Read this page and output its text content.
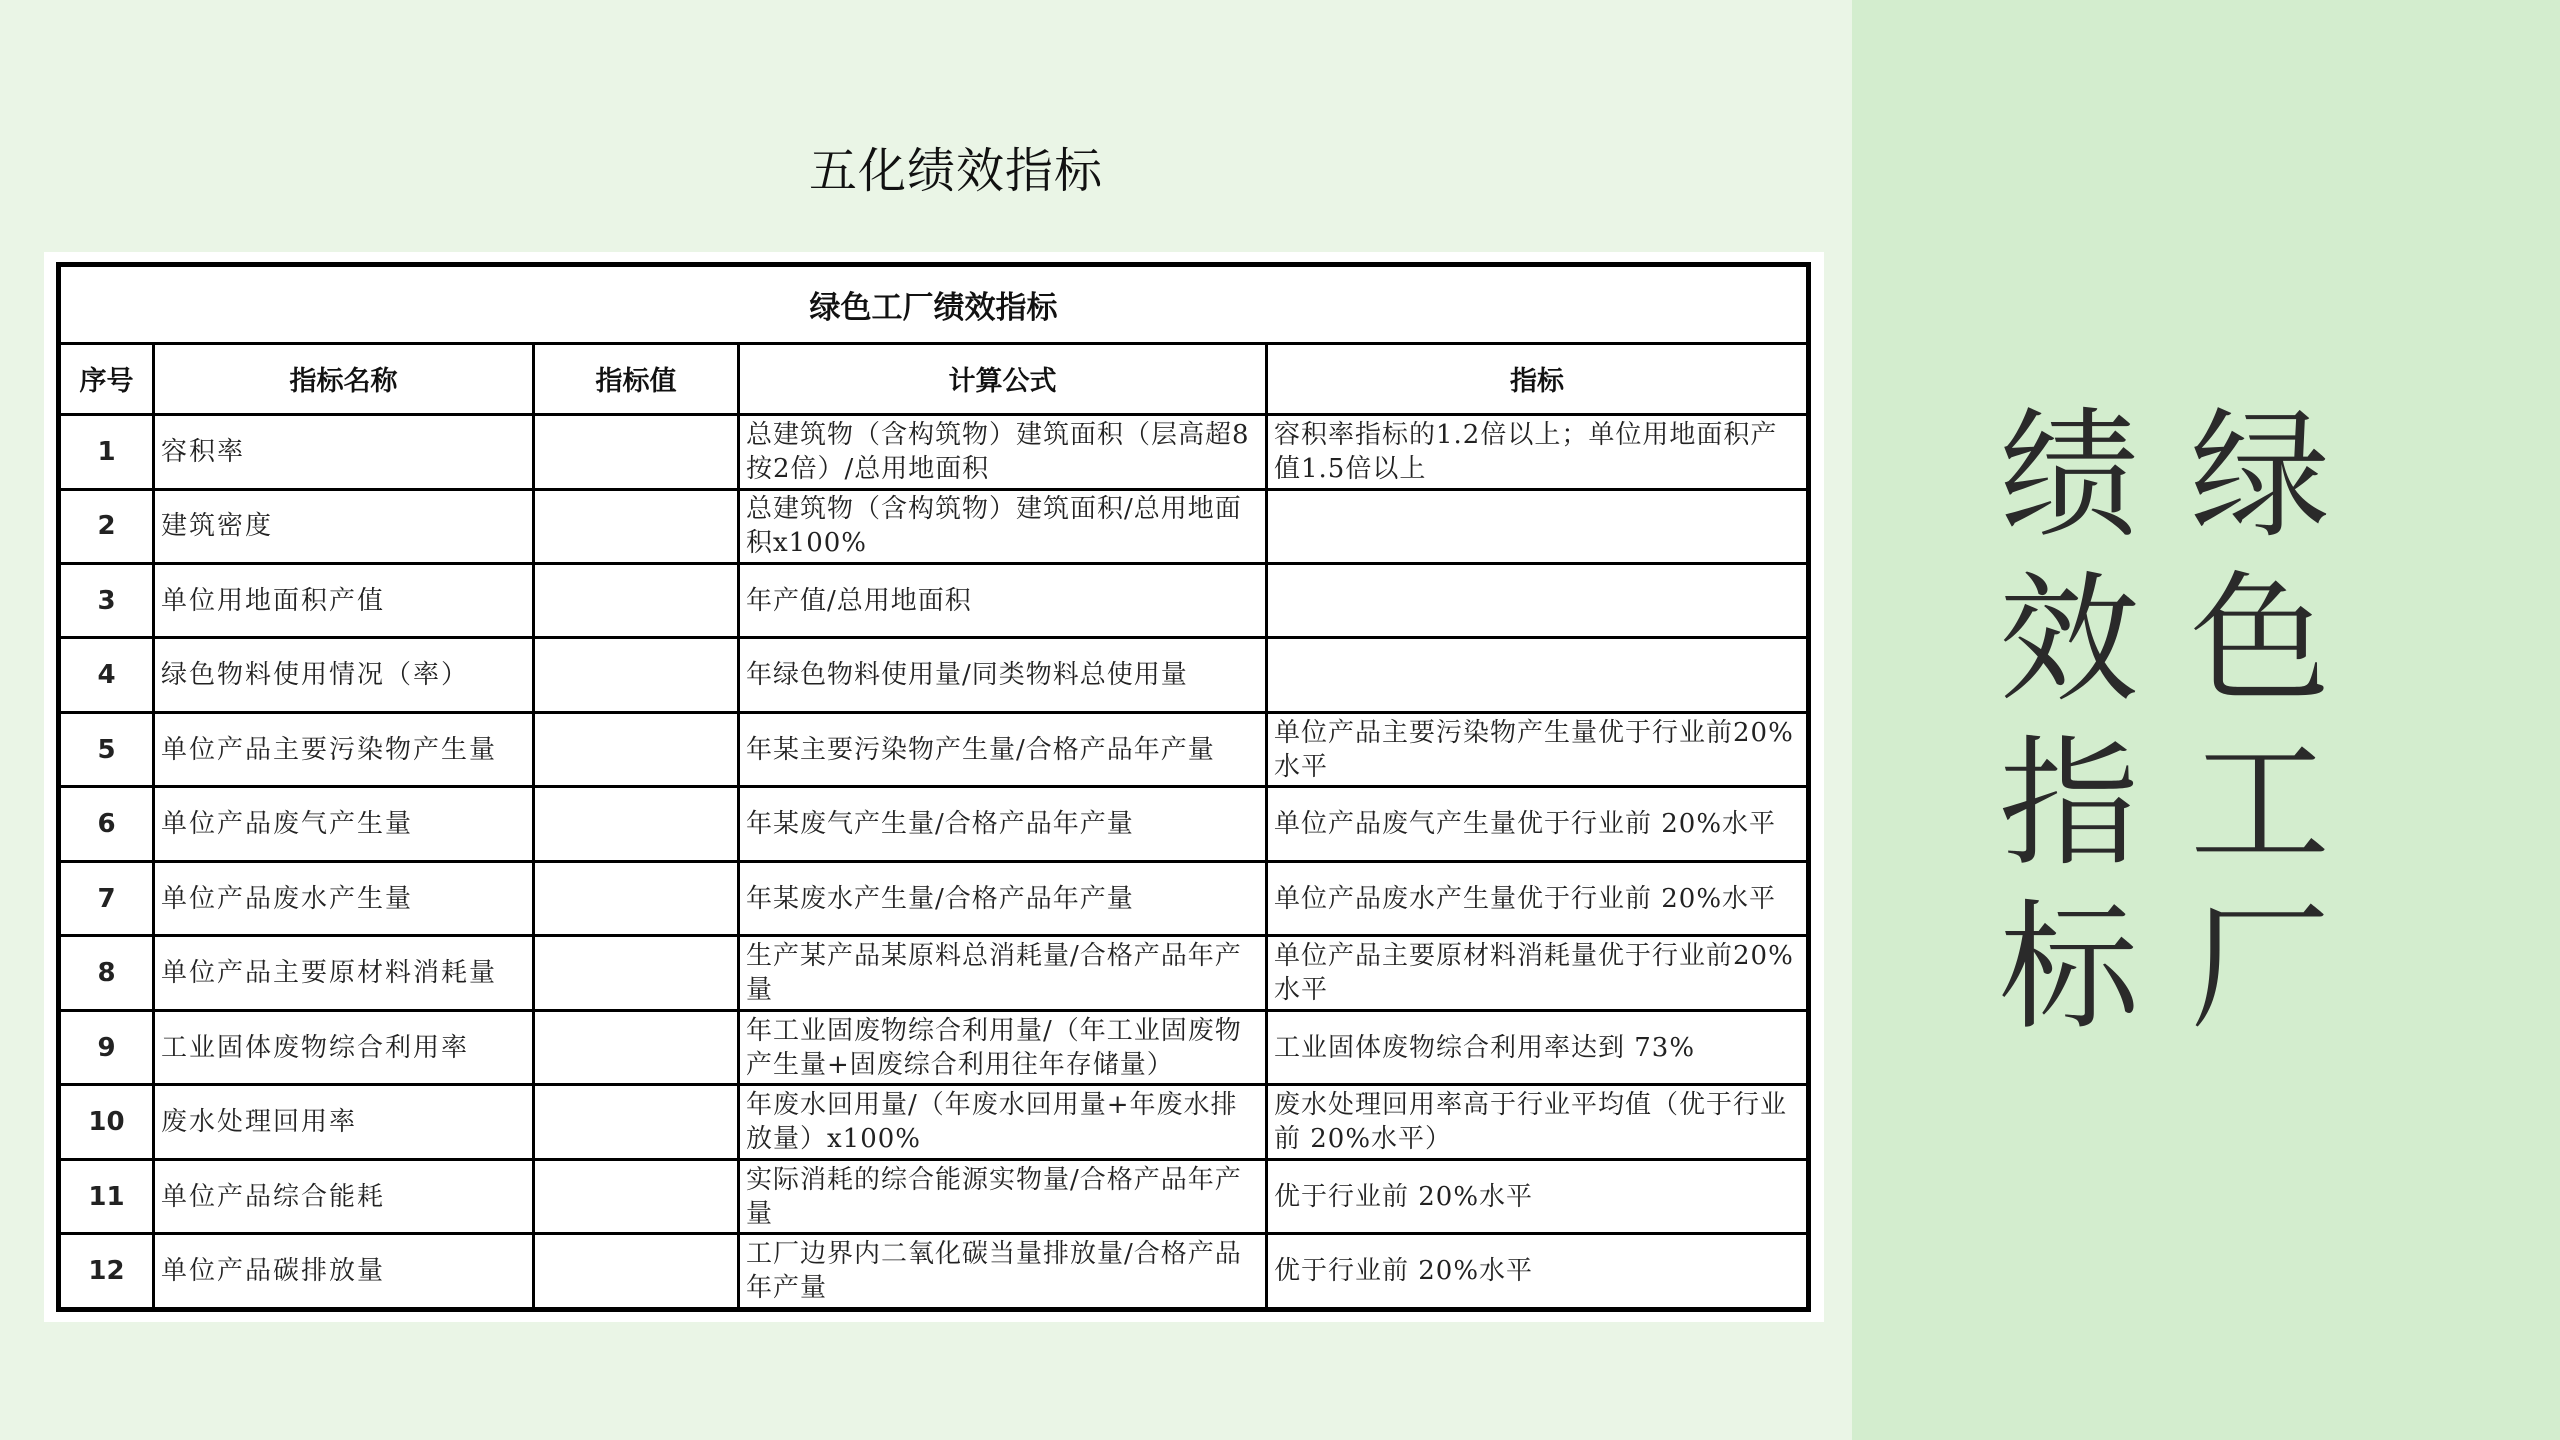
五化绩效指标
绿色工厂绩效指标				
序号	指标名称	指标值	计算公式	指标
1	容积率		总建筑物（含构筑物）建筑面积（层高超8按2倍）/总用地面积	容积率指标的1.2倍以上；单位用地面积产值1.5倍以上
2	建筑密度		总建筑物（含构筑物）建筑面积/总用地面积x100%	
3	单位用地面积产值		年产值/总用地面积	
4	绿色物料使用情况（率）		年绿色物料使用量/同类物料总使用量	
5	单位产品主要污染物产生量		年某主要污染物产生量/合格产品年产量	单位产品主要污染物产生量优于行业前20%水平
6	单位产品废气产生量		年某废气产生量/合格产品年产量	单位产品废气产生量优于行业前 20%水平
7	单位产品废水产生量		年某废水产生量/合格产品年产量	单位产品废水产生量优于行业前 20%水平
8	单位产品主要原材料消耗量		生产某产品某原料总消耗量/合格产品年产量	单位产品主要原材料消耗量优于行业前20%水平
9	工业固体废物综合利用率		年工业固废物综合利用量/（年工业固废物产生量+固废综合利用往年存储量）	工业固体废物综合利用率达到 73%
10	废水处理回用率		年废水回用量/（年废水回用量+年废水排放量）x100%	废水处理回用率高于行业平均值（优于行业前 20%水平）
11	单位产品综合能耗		实际消耗的综合能源实物量/合格产品年产量	优于行业前 20%水平
12	单位产品碳排放量		工厂边界内二氧化碳当量排放量/合格产品年产量	优于行业前 20%水平
绿
色
工
厂
绩
效
指
标
